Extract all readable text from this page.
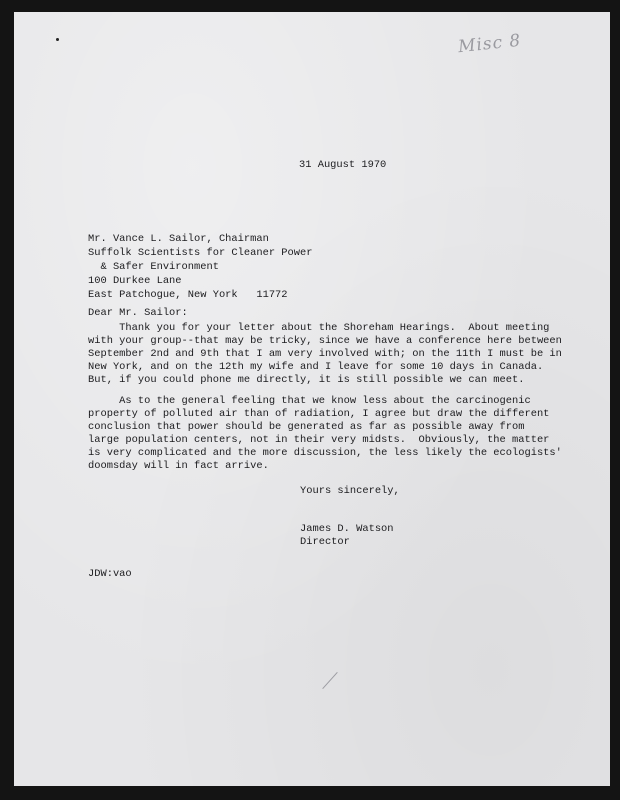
Misc 8

31 August 1970

Mr. Vance L. Sailor, Chairman

Suffolk Scientists for Cleaner Power

& Safer Environment

100 Durkee Lane

East Patchogue, New York   11772

Dear Mr. Sailor:

Thank you for your letter about the Shoreham Hearings.  About meeting

with your group--that may be tricky, since we have a conference here between

September 2nd and 9th that I am very involved with; on the 11th I must be in

New York, and on the 12th my wife and I leave for some 10 days in Canada.

But, if you could phone me directly, it is still possible we can meet.

As to the general feeling that we know less about the carcinogenic

property of polluted air than of radiation, I agree but draw the different

conclusion that power should be generated as far as possible away from

large population centers, not in their very midsts.  Obviously, the matter

is very complicated and the more discussion, the less likely the ecologists'

doomsday will in fact arrive.

Yours sincerely,

James D. Watson

Director

JDW:vao
